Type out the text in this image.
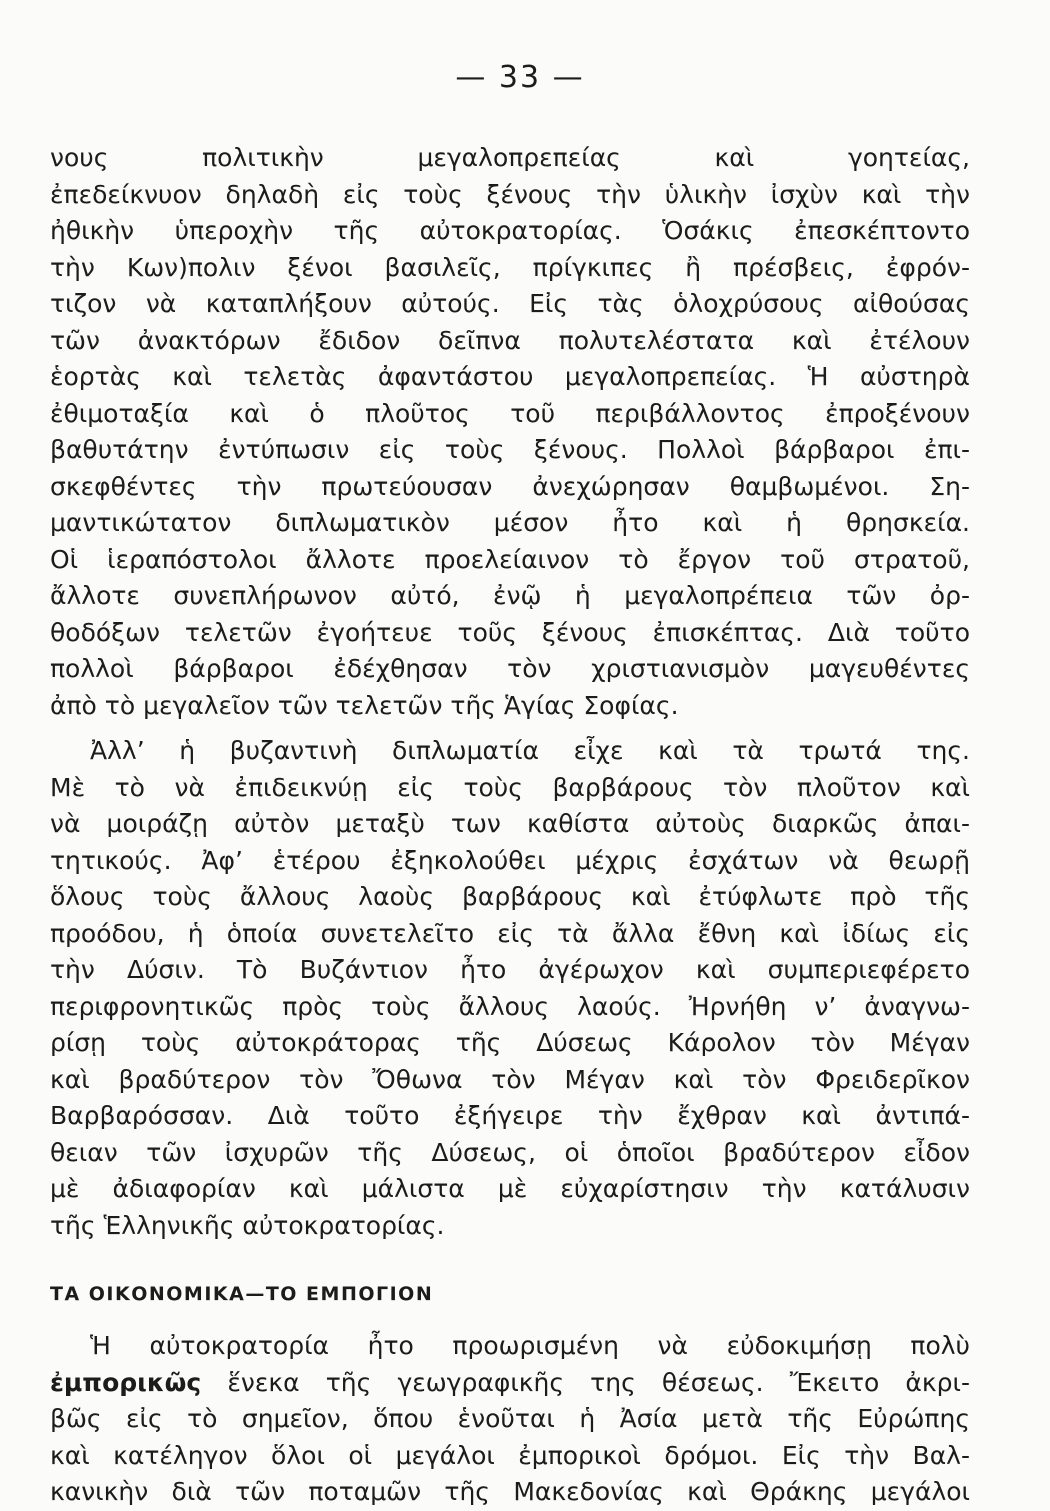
— 33 —
νους πολιτικὴν μεγαλοπρεπείας καὶ γοητείας,
ἐπεδείκνυον δηλαδὴ εἰς τοὺς ξένους τὴν ὑλικὴν ἰσχὺν καὶ τὴν
ἠθικὴν ὑπεροχὴν τῆς αὐτοκρατορίας. Ὁσάκις ἐπεσκέπτοντο
τὴν Κων)πολιν ξένοι βασιλεῖς, πρίγκιπες ἢ πρέσβεις, ἐφρόν-
τιζον νὰ καταπλήξουν αὐτούς. Εἰς τὰς ὁλοχρύσους αἰθούσας
τῶν ἀνακτόρων ἔδιδον δεῖπνα πολυτελέστατα καὶ ἐτέλουν
ἑορτὰς καὶ τελετὰς ἀφαντάστου μεγαλοπρεπείας. Ἡ αὐστηρὰ
ἐθιμοταξία καὶ ὁ πλοῦτος τοῦ περιβάλλοντος ἐπροξένουν
βαθυτάτην ἐντύπωσιν εἰς τοὺς ξένους. Πολλοὶ βάρβαροι ἐπι-
σκεφθέντες τὴν πρωτεύουσαν ἀνεχώρησαν θαμβωμένοι. Ση-
μαντικώτατον διπλωματικὸν μέσον ἦτο καὶ ἡ θρησκεία.
Οἱ ἱεραπόστολοι ἄλλοτε προελείαινον τὸ ἔργον τοῦ στρατοῦ,
ἄλλοτε συνεπλήρωνον αὐτό, ἐνῷ ἡ μεγαλοπρέπεια τῶν ὀρ-
θοδόξων τελετῶν ἐγοήτευε τοῦς ξένους ἐπισκέπτας. Διὰ τοῦτο
πολλοὶ βάρβαροι ἐδέχθησαν τὸν χριστιανισμὸν μαγευθέντες
ἀπὸ τὸ μεγαλεῖον τῶν τελετῶν τῆς Ἁγίας Σοφίας.
Ἀλλ’ ἡ βυζαντινὴ διπλωματία εἶχε καὶ τὰ τρωτά της.
Μὲ τὸ νὰ ἐπιδεικνύῃ εἰς τοὺς βαρβάρους τὸν πλοῦτον καὶ
νὰ μοιράζῃ αὐτὸν μεταξὺ των καθίστα αὐτοὺς διαρκῶς ἀπαι-
τητικούς. Ἀφ’ ἑτέρου ἐξηκολούθει μέχρις ἐσχάτων νὰ θεωρῇ
ὅλους τοὺς ἄλλους λαοὺς βαρβάρους καὶ ἐτύφλωτε πρὸ τῆς
προόδου, ἡ ὁποία συνετελεῖτο εἰς τὰ ἄλλα ἔθνη καὶ ἰδίως εἰς
τὴν Δύσιν. Τὸ Βυζάντιον ἦτο ἀγέρωχον καὶ συμπεριεφέρετο
περιφρονητικῶς πρὸς τοὺς ἄλλους λαούς. Ἠρνήθη ν’ ἀναγνω-
ρίσῃ τοὺς αὐτοκράτορας τῆς Δύσεως Κάρολον τὸν Μέγαν
καὶ βραδύτερον τὸν Ὄθωνα τὸν Μέγαν καὶ τὸν Φρειδερῖκον
Βαρβαρόσσαν. Διὰ τοῦτο ἐξήγειρε τὴν ἔχθραν καὶ ἀντιπά-
θειαν τῶν ἰσχυρῶν τῆς Δύσεως, οἱ ὁποῖοι βραδύτερον εἶδον
μὲ ἀδιαφορίαν καὶ μάλιστα μὲ εὐχαρίστησιν τὴν κατάλυσιν
τῆς Ἑλληνικῆς αὐτοκρατορίας.
ΤΑ ΟΙΚΟΝΟΜΙΚΑ—ΤΟ ΕΜΠΟΓΙΟΝ
Ἡ αὐτοκρατορία ἦτο προωρισμένη νὰ εὐδοκιμήσῃ πολὺ
ἐμπορικῶς ἕνεκα τῆς γεωγραφικῆς της θέσεως. Ἔκειτο ἀκρι-
βῶς εἰς τὸ σημεῖον, ὅπου ἑνοῦται ἡ Ἀσία μετὰ τῆς Εὐρώπης
καὶ κατέληγον ὅλοι οἱ μεγάλοι ἐμπορικοὶ δρόμοι. Εἰς τὴν Βαλ-
κανικὴν διὰ τῶν ποταμῶν τῆς Μακεδονίας καὶ Θράκης μεγάλοι
